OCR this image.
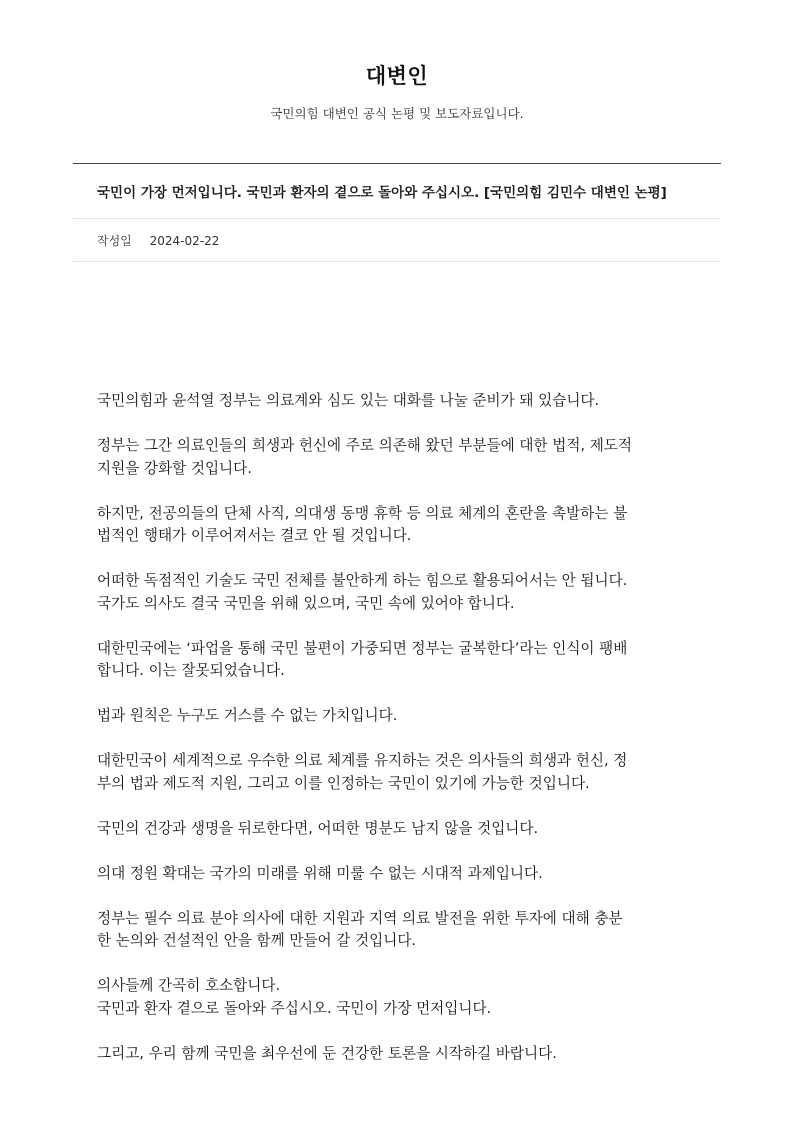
대변인

국민의힘 대변인 공식 논평 및 보도자료입니다.

국민이 가장 먼저입니다. 국민과 환자의 곁으로 돌아와 주십시오. [국민의힘 김민수 대변인 논평]
작성일 2024-02-22

국민의힘과 윤석열 정부는 의료계와 심도 있는 대화를 나눌 준비가 돼 있습니다.

정부는 그간 의료인들의 희생과 헌신에 주로 의존해 왔던 부분들에 대한 법적, 제도적
지원을 강화할 것입니다.

하지만, 전공의들의 단체 사직, 의대생 동맹 휴학 등 의료 체계의 혼란을 촉발하는 불
법적인 행태가 이루어져서는 결코 안 될 것입니다.

어떠한 독점적인 기술도 국민 전체를 불안하게 하는 힘으로 활용되어서는 안 됩니다.
국가도 의사도 결국 국민을 위해 있으며, 국민 속에 있어야 합니다.

대한민국에는 ‘파업을 통해 국민 불편이 가중되면 정부는 굴복한다’라는 인식이 팽배
합니다. 이는 잘못되었습니다.

법과 원칙은 누구도 거스를 수 없는 가치입니다.

대한민국이 세계적으로 우수한 의료 체계를 유지하는 것은 의사들의 희생과 헌신, 정
부의 법과 제도적 지원, 그리고 이를 인정하는 국민이 있기에 가능한 것입니다.

국민의 건강과 생명을 뒤로한다면, 어떠한 명분도 남지 않을 것입니다.

의대 정원 확대는 국가의 미래를 위해 미룰 수 없는 시대적 과제입니다.

정부는 필수 의료 분야 의사에 대한 지원과 지역 의료 발전을 위한 투자에 대해 충분
한 논의와 건설적인 안을 함께 만들어 갈 것입니다.

의사들께 간곡히 호소합니다.
국민과 환자 곁으로 돌아와 주십시오. 국민이 가장 먼저입니다.

그리고, 우리 함께 국민을 최우선에 둔 건강한 토론을 시작하길 바랍니다.
